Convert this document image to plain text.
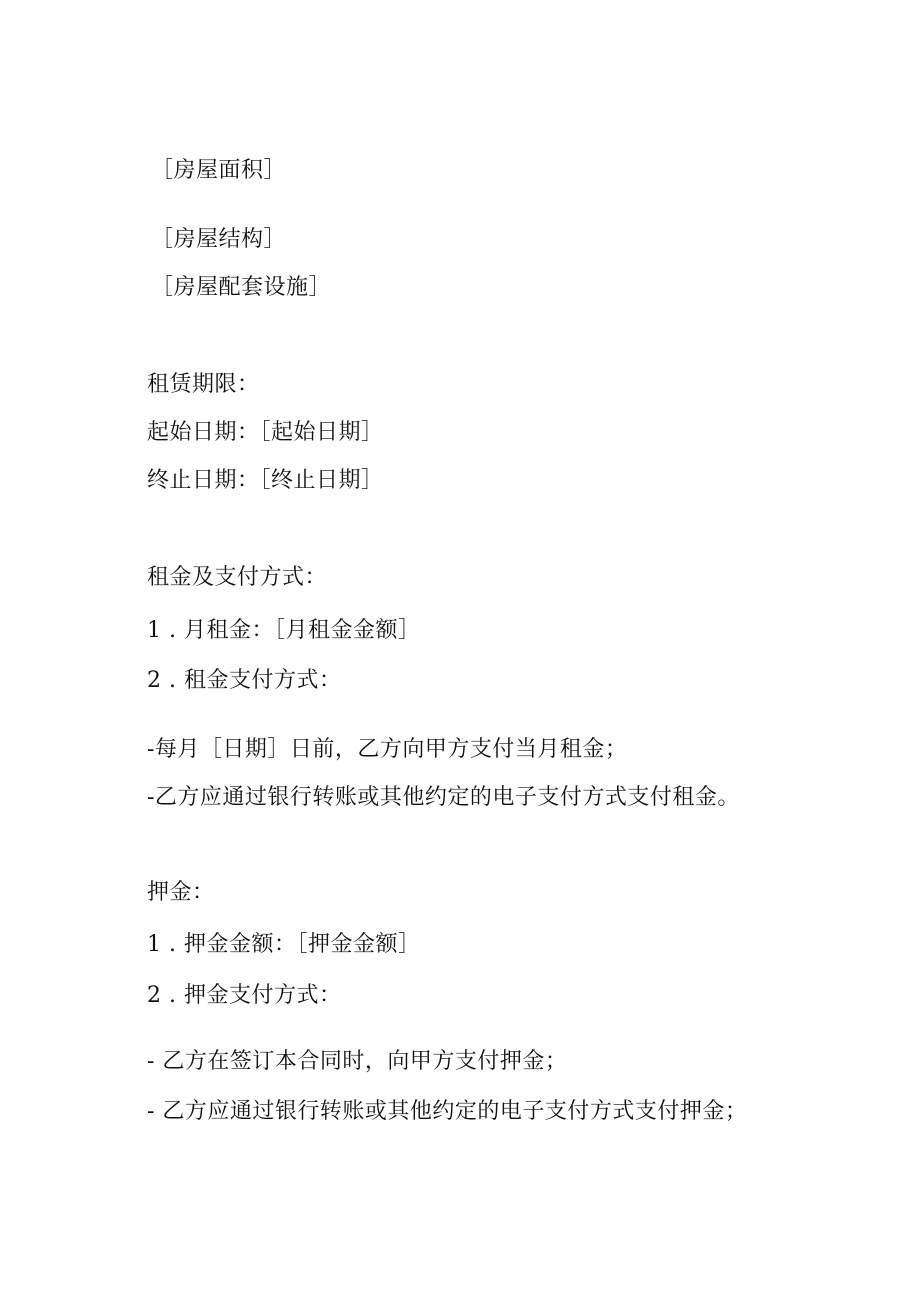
［房屋面积］
［房屋结构］
［房屋配套设施］
租赁期限：
起始日期：［起始日期］
终止日期：［终止日期］
租金及支付方式：
1 . 月租金：［月租金金额］
2 . 租金支付方式：
-每月［日期］日前，乙方向甲方支付当月租金；
-乙方应通过银行转账或其他约定的电子支付方式支付租金。
押金：
1 . 押金金额：［押金金额］
2 . 押金支付方式：
- 乙方在签订本合同时，向甲方支付押金；
- 乙方应通过银行转账或其他约定的电子支付方式支付押金；
